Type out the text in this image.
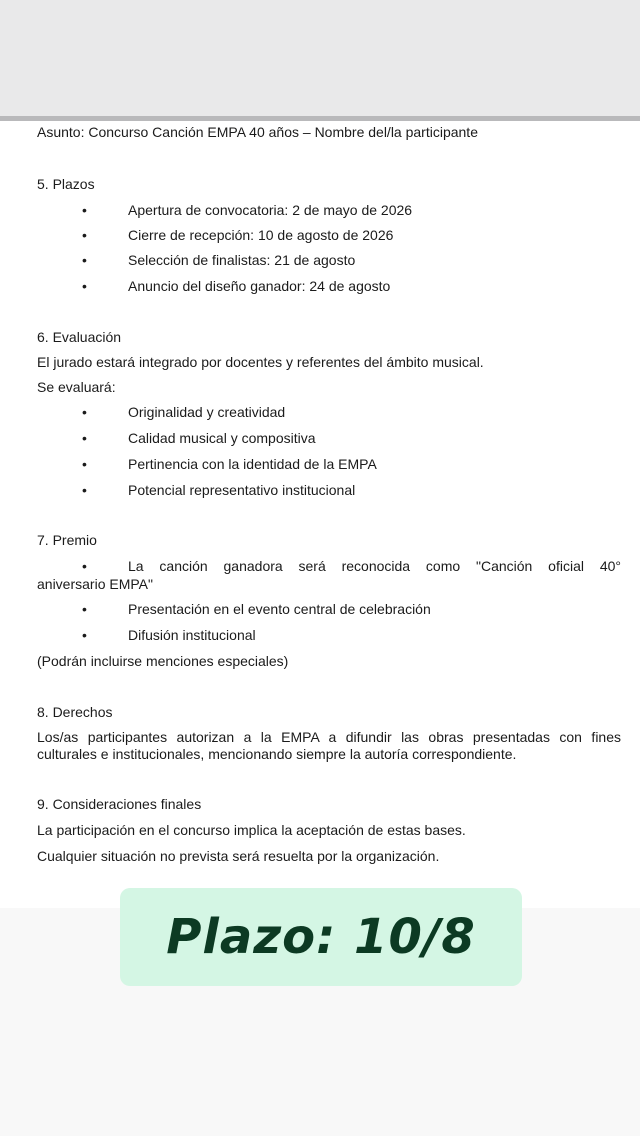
Asunto: Concurso Canción EMPA 40 años – Nombre del/la participante
5. Plazos
•	Apertura de convocatoria: 2 de mayo de 2026
•	Cierre de recepción: 10 de agosto de 2026
•	Selección de finalistas: 21 de agosto
•	Anuncio del diseño ganador: 24 de agosto
6. Evaluación
El jurado estará integrado por docentes y referentes del ámbito musical.
Se evaluará:
•	Originalidad y creatividad
•	Calidad musical y compositiva
•	Pertinencia con la identidad de la EMPA
•	Potencial representativo institucional
7. Premio
•	La canción ganadora será reconocida como "Canción oficial 40°
aniversario EMPA"
•	Presentación en el evento central de celebración
•	Difusión institucional
(Podrán incluirse menciones especiales)
8. Derechos
Los/as participantes autorizan a la EMPA a difundir las obras presentadas con fines
culturales e institucionales, mencionando siempre la autoría correspondiente.
9. Consideraciones finales
La participación en el concurso implica la aceptación de estas bases.
Cualquier situación no prevista será resuelta por la organización.
Plazo: 10/8
